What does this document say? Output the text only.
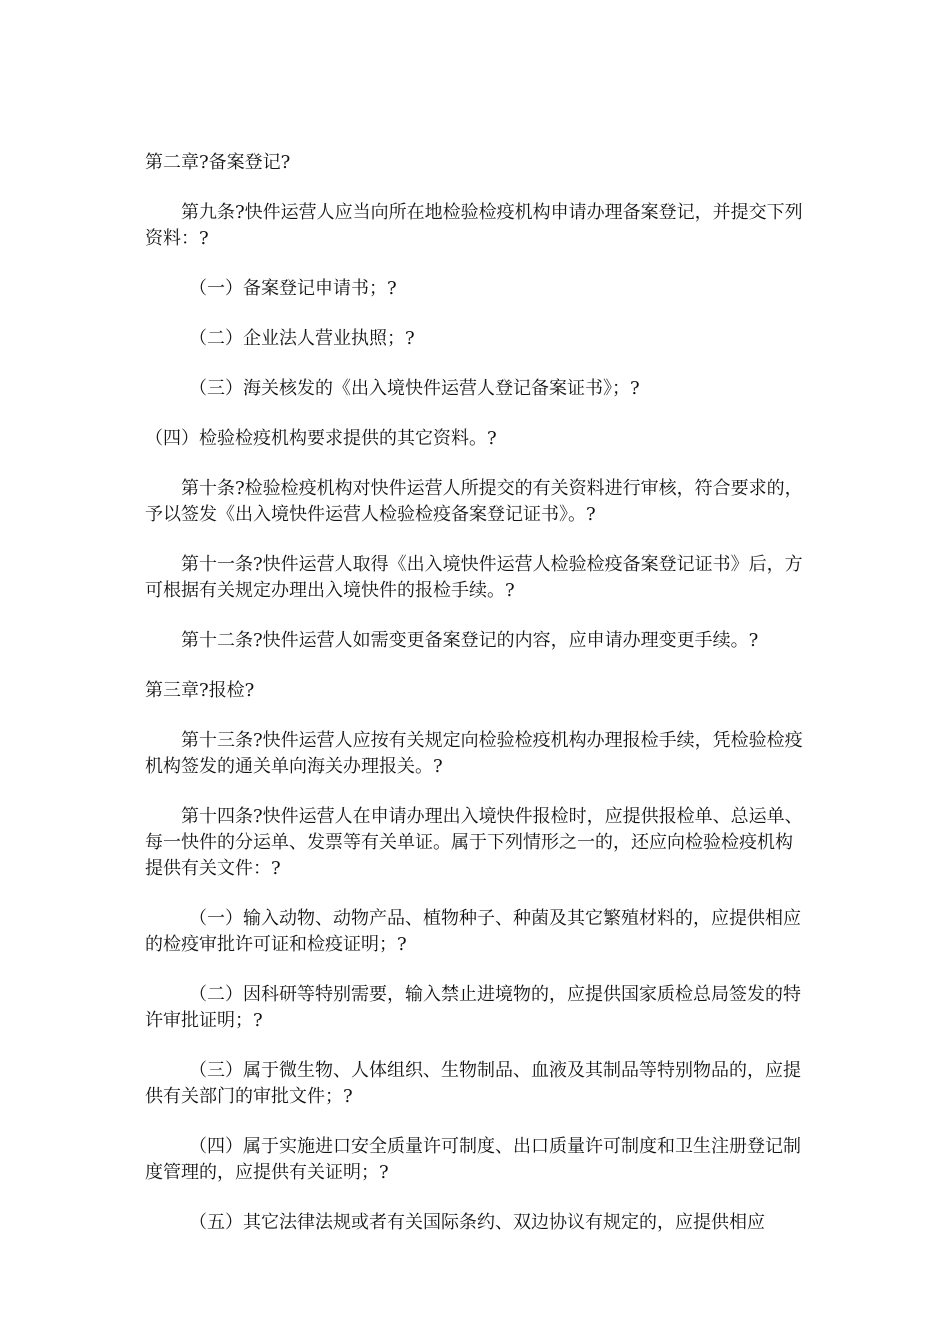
第二章?备案登记?

第九条?快件运营人应当向所在地检验检疫机构申请办理备案登记，并提交下列资料：?

（一）备案登记申请书；?

（二）企业法人营业执照；?

（三）海关核发的《出入境快件运营人登记备案证书》；?

（四）检验检疫机构要求提供的其它资料。?

第十条?检验检疫机构对快件运营人所提交的有关资料进行审核，符合要求的，予以签发《出入境快件运营人检验检疫备案登记证书》。?

第十一条?快件运营人取得《出入境快件运营人检验检疫备案登记证书》后，方可根据有关规定办理出入境快件的报检手续。?

第十二条?快件运营人如需变更备案登记的内容，应申请办理变更手续。?

第三章?报检?

第十三条?快件运营人应按有关规定向检验检疫机构办理报检手续，凭检验检疫机构签发的通关单向海关办理报关。?

第十四条?快件运营人在申请办理出入境快件报检时，应提供报检单、总运单、每一快件的分运单、发票等有关单证。属于下列情形之一的，还应向检验检疫机构提供有关文件：?

（一）输入动物、动物产品、植物种子、种菌及其它繁殖材料的，应提供相应的检疫审批许可证和检疫证明；?

（二）因科研等特别需要，输入禁止进境物的，应提供国家质检总局签发的特许审批证明；?

（三）属于微生物、人体组织、生物制品、血液及其制品等特别物品的，应提供有关部门的审批文件；?

（四）属于实施进口安全质量许可制度、出口质量许可制度和卫生注册登记制度管理的，应提供有关证明；?

（五）其它法律法规或者有关国际条约、双边协议有规定的，应提供相应
